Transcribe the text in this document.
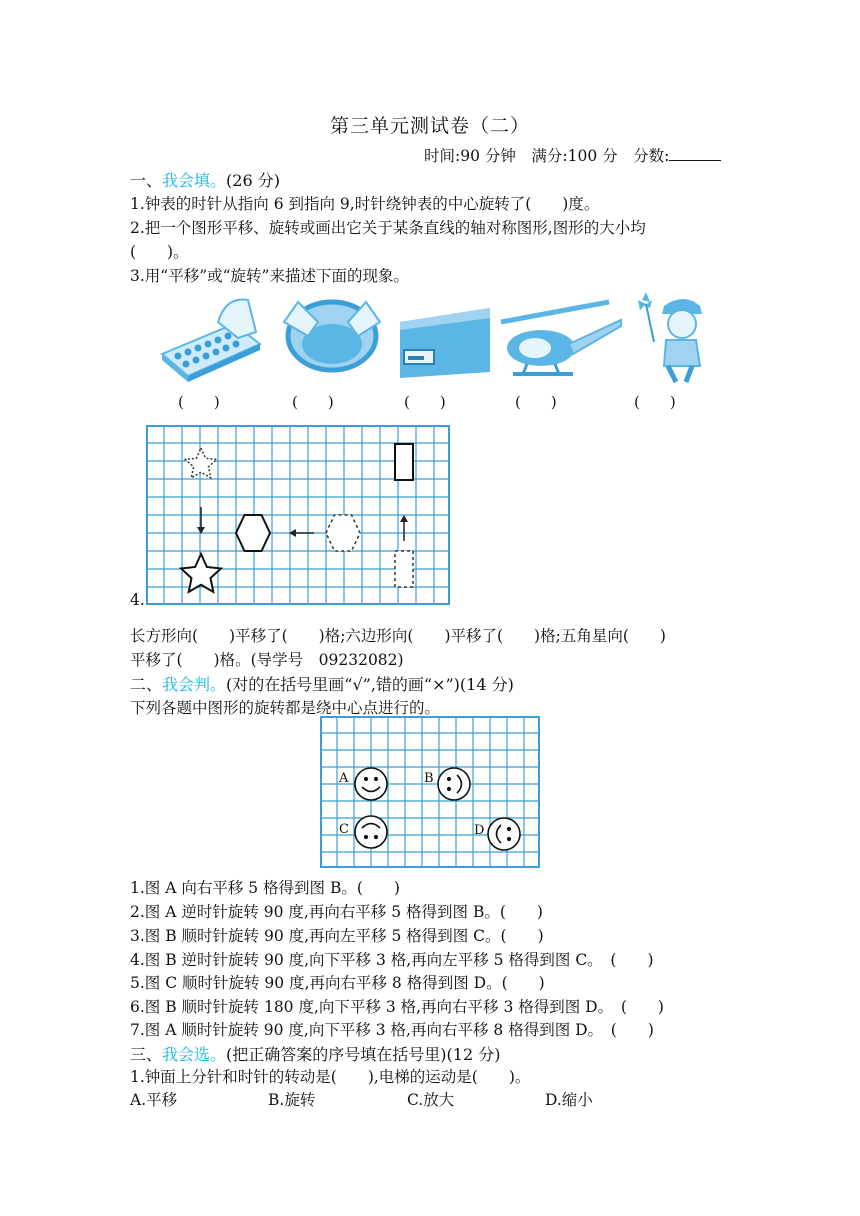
第三单元测试卷（二）
时间:90 分钟　满分:100 分　分数:
一、我会填。(26 分)
1.钟表的时针从指向 6 到指向 9,时针绕钟表的中心旋转了(　　)度。
2.把一个图形平移、旋转或画出它关于某条直线的轴对称图形,图形的大小均
(　　)。
3.用“平移”或“旋转”来描述下面的现象。
(　　)	(　　)	(　　)	(　　)	(　　)
4.
长方形向(　　)平移了(　　)格;六边形向(　　)平移了(　　)格;五角星向(　　)
平移了(　　)格。(导学号　09232082)
二、我会判。(对的在括号里画“√”,错的画“×”)(14 分)
下列各题中图形的旋转都是绕中心点进行的。
A	B
C	D
1.图 A 向右平移 5 格得到图 B。(　　)
2.图 A 逆时针旋转 90 度,再向右平移 5 格得到图 B。(　　)
3.图 B 顺时针旋转 90 度,再向左平移 5 格得到图 C。(　　)
4.图 B 逆时针旋转 90 度,向下平移 3 格,再向左平移 5 格得到图 C。　(　　)
5.图 C 顺时针旋转 90 度,再向右平移 8 格得到图 D。(　　)
6.图 B 顺时针旋转 180 度,向下平移 3 格,再向右平移 3 格得到图 D。　(　　)
7.图 A 顺时针旋转 90 度,向下平移 3 格,再向右平移 8 格得到图 D。　(　　)
三、我会选。(把正确答案的序号填在括号里)(12 分)
1.钟面上分针和时针的转动是(　　),电梯的运动是(　　)。
A.平移	B.旋转	C.放大	D.缩小
